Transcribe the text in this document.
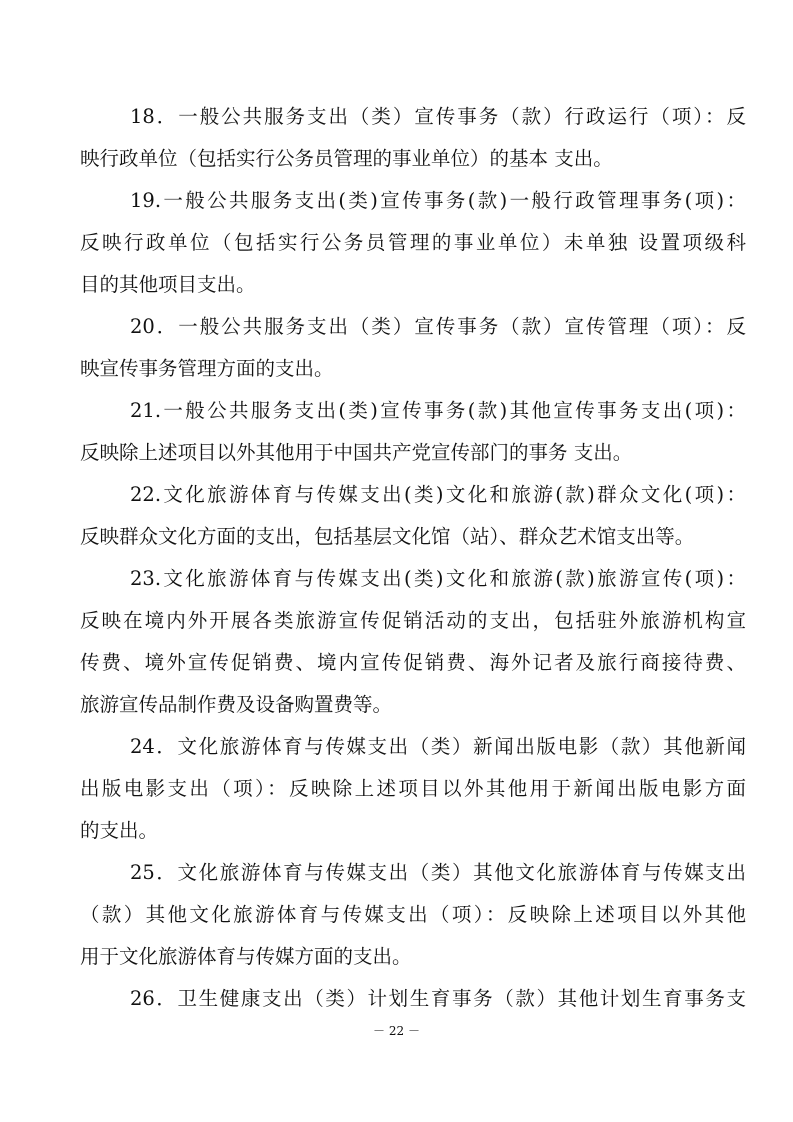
18．一般公共服务支出（类）宣传事务（款）行政运行（项）：反
映行政单位（包括实行公务员管理的事业单位）的基本 支出。
19.一般公共服务支出(类)宣传事务(款)一般行政管理事务(项)：
反映行政单位（包括实行公务员管理的事业单位）未单独 设置项级科
目的其他项目支出。
20．一般公共服务支出（类）宣传事务（款）宣传管理（项）：反
映宣传事务管理方面的支出。
21.一般公共服务支出(类)宣传事务(款)其他宣传事务支出(项)：
反映除上述项目以外其他用于中国共产党宣传部门的事务 支出。
22.文化旅游体育与传媒支出(类)文化和旅游(款)群众文化(项)：
反映群众文化方面的支出，包括基层文化馆（站）、群众艺术馆支出等。
23.文化旅游体育与传媒支出(类)文化和旅游(款)旅游宣传(项)：
反映在境内外开展各类旅游宣传促销活动的支出，包括驻外旅游机构宣
传费、境外宣传促销费、境内宣传促销费、海外记者及旅行商接待费、
旅游宣传品制作费及设备购置费等。
24．文化旅游体育与传媒支出（类）新闻出版电影（款）其他新闻
出版电影支出（项）：反映除上述项目以外其他用于新闻出版电影方面
的支出。
25．文化旅游体育与传媒支出（类）其他文化旅游体育与传媒支出
（款）其他文化旅游体育与传媒支出（项）：反映除上述项目以外其他
用于文化旅游体育与传媒方面的支出。
26．卫生健康支出（类）计划生育事务（款）其他计划生育事务支
－ 22 －
